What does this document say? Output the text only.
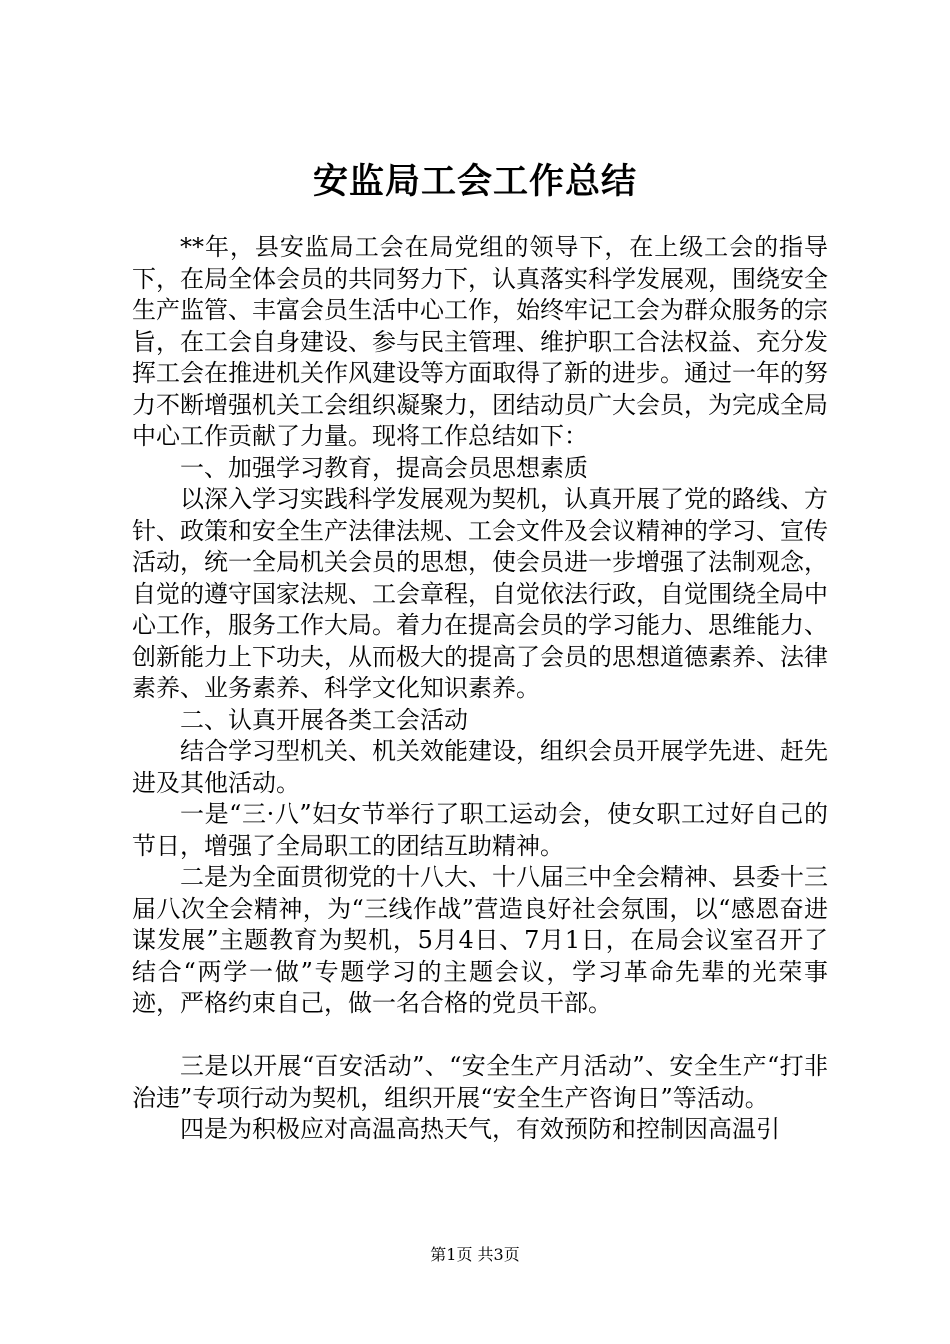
安监局工会工作总结

**年，县安监局工会在局党组的领导下，在上级工会的指导下，在局全体会员的共同努力下，认真落实科学发展观，围绕安全生产监管、丰富会员生活中心工作，始终牢记工会为群众服务的宗旨，在工会自身建设、参与民主管理、维护职工合法权益、充分发挥工会在推进机关作风建设等方面取得了新的进步。通过一年的努力不断增强机关工会组织凝聚力，团结动员广大会员，为完成全局中心工作贡献了力量。现将工作总结如下：

一、加强学习教育，提高会员思想素质

以深入学习实践科学发展观为契机，认真开展了党的路线、方针、政策和安全生产法律法规、工会文件及会议精神的学习、宣传活动，统一全局机关会员的思想，使会员进一步增强了法制观念，自觉的遵守国家法规、工会章程，自觉依法行政，自觉围绕全局中心工作，服务工作大局。着力在提高会员的学习能力、思维能力、创新能力上下功夫，从而极大的提高了会员的思想道德素养、法律素养、业务素养、科学文化知识素养。

二、认真开展各类工会活动

结合学习型机关、机关效能建设，组织会员开展学先进、赶先进及其他活动。

一是“三·八”妇女节举行了职工运动会，使女职工过好自己的节日，增强了全局职工的团结互助精神。

二是为全面贯彻党的十八大、十八届三中全会精神、县委十三届八次全会精神，为“三线作战”营造良好社会氛围，以“感恩奋进谋发展”主题教育为契机，5月4日、7月1日，在局会议室召开了结合“两学一做”专题学习的主题会议，学习革命先辈的光荣事迹，严格约束自己，做一名合格的党员干部。

三是以开展“百安活动”、“安全生产月活动”、安全生产“打非治违”专项行动为契机，组织开展“安全生产咨询日”等活动。

四是为积极应对高温高热天气，有效预防和控制因高温引

第1页 共3页
